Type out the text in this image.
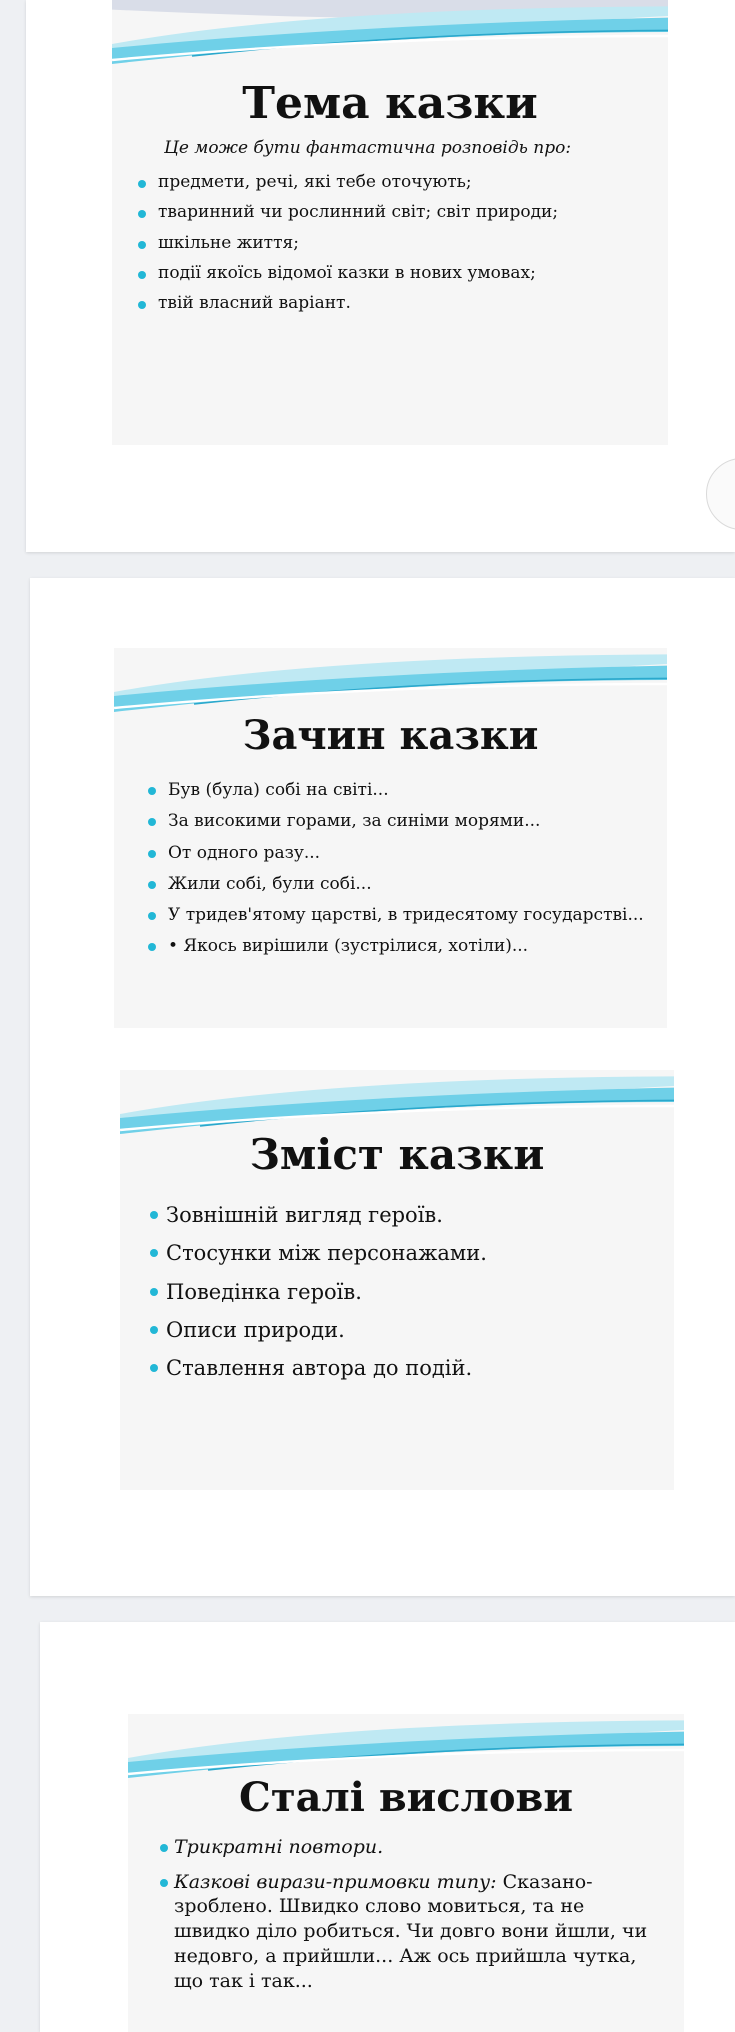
Тема казки
Це може бути фантастична розповідь про:
предмети, речі, які тебе оточують;
тваринний чи рослинний світ; світ природи;
шкільне життя;
події якоїсь відомої казки в нових умовах;
твій власний варіант.
Зачин казки
Був (була) собі на світі...
За високими горами, за синіми морями...
От одного разу...
Жили собі, були собі...
У тридев'ятому царстві, в тридесятому государстві...
• Якось вирішили (зустрілися, хотіли)...
Зміст казки
Зовнішній вигляд героїв.
Стосунки між персонажами.
Поведінка героїв.
Описи природи.
Ставлення автора до подій.
Сталі вислови
Трикратні повтори.
Казкові вирази-примовки типу: Сказано-зроблено. Швидко слово мовиться, та не швидко діло робиться. Чи довго вони йшли, чи недовго, а прийшли... Аж ось прийшла чутка, що так і так...
